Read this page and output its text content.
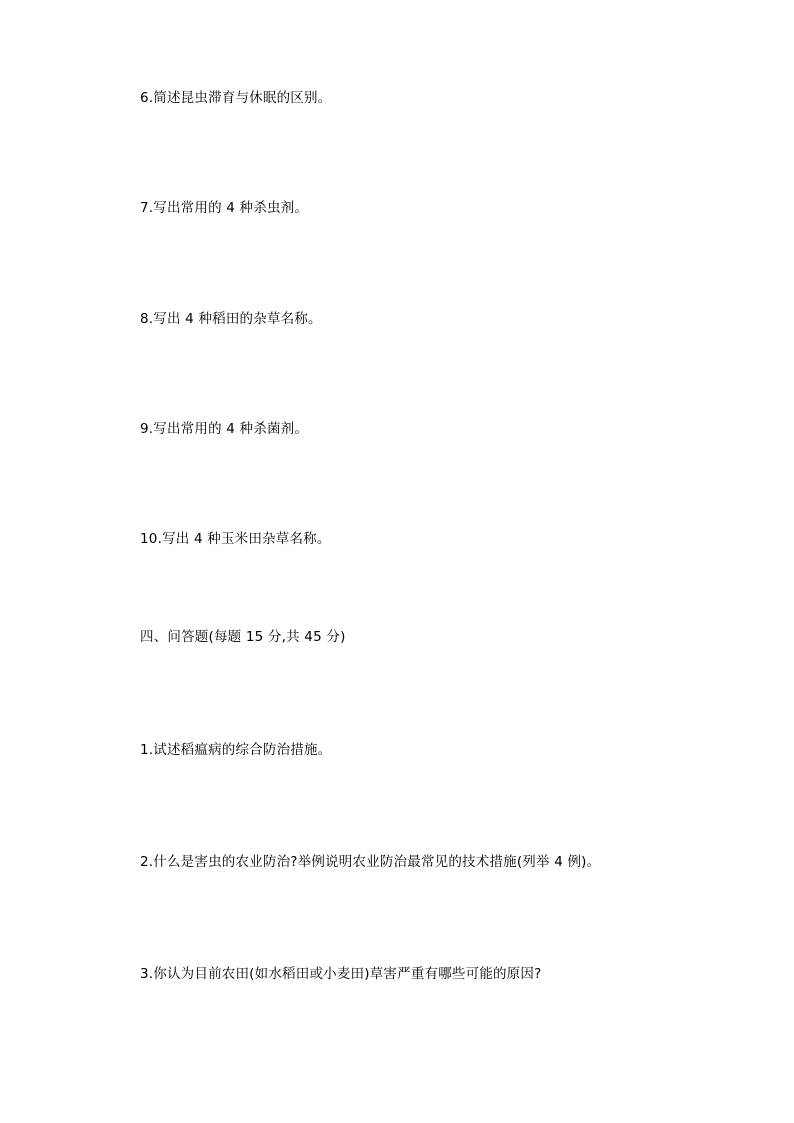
6.简述昆虫滞育与休眠的区别。
7.写出常用的 4 种杀虫剂。
8.写出 4 种稻田的杂草名称。
9.写出常用的 4 种杀菌剂。
10.写出 4 种玉米田杂草名称。
四、问答题(每题 15 分,共 45 分)
1.试述稻瘟病的综合防治措施。
2.什么是害虫的农业防治?举例说明农业防治最常见的技术措施(列举 4 例)。
3.你认为目前农田(如水稻田或小麦田)草害严重有哪些可能的原因?
